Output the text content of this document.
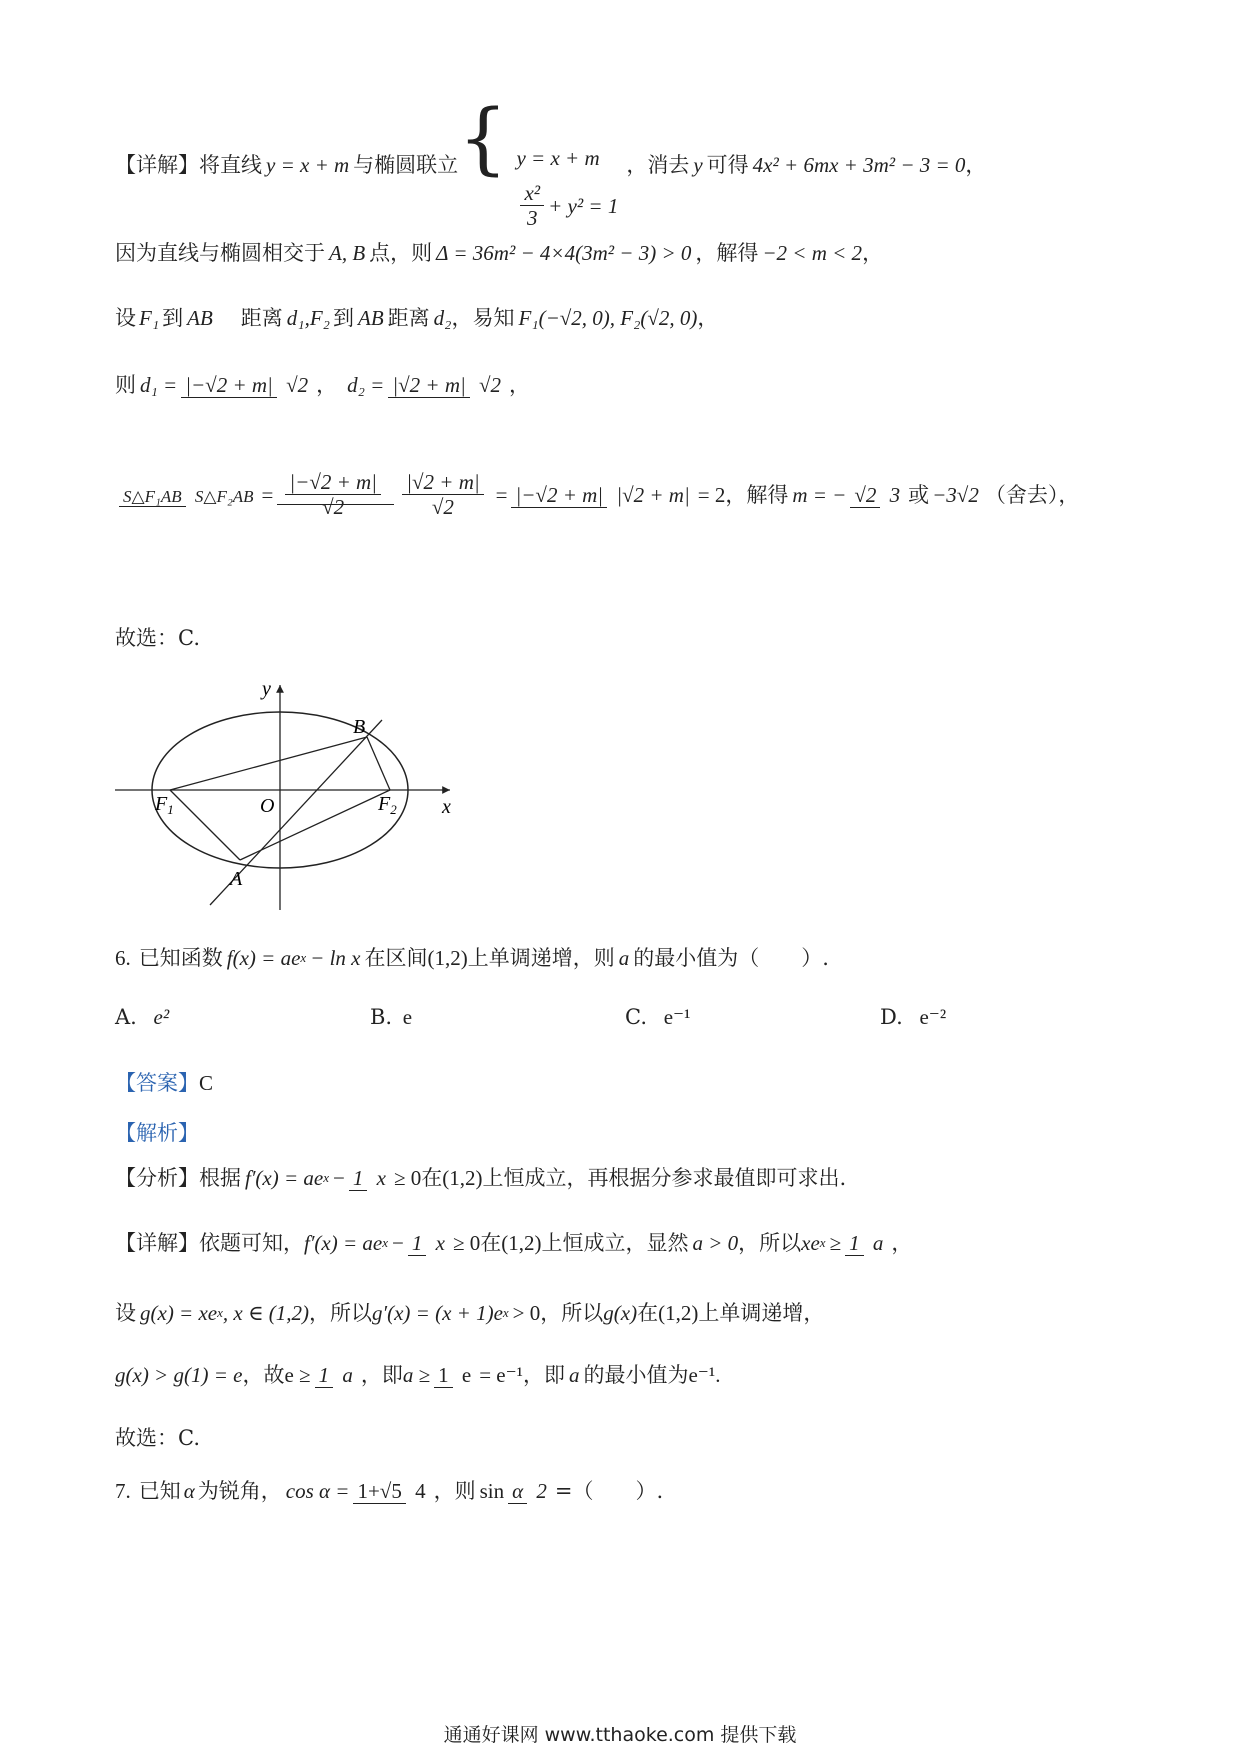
【详解】 将直线 y = x + m 与椭圆联立 { y = x + m
$\frac{\text{x²}}{3} + y^2 = 1$
，消去 y 可得 4x² + 6mx + 3m² − 3 = 0 ，
因为直线与椭圆相交于 A, B 点，则 Δ = 36m² − 4×4(3m² − 3) > 0 ，解得 −2 < m < 2 ，
设 F₁ 到 AB 距离 d₁ , F₂ 到 AB 距离 d₂ ，易知 F₁(−√2, 0), F₂(√2, 0) ，
则 d₁ = |−√2 + m| √2 ， d₂ = |√2 + m| √2 ，
S△F₁AB S△F₂AB = $\frac{|-√2 + m|}{√2}$
$\frac{|√2 + m|}{√2} = |-√2 + m|$ |√2 + m| = 2 ，解得 m = − √2 3 或 −3√2 （舍去），
故选：C.
y
x
O
B
A
$F_1$	$F_2$
6. 已知函数 f(x) = ae x − ln x 在区间 (1,2) 上单调递增，则 a 的最小值为（　　）.
A. e²	B. e	C. e⁻¹	D. e⁻²
【答案】 C
【解析】
【分析】 根据 f′(x) = ae x − 1 x ≥ 0 在 (1,2) 上恒成立，再根据分参求最值即可求出.
【详解】 依题可知， f′(x) = ae x − 1 x ≥ 0 在 (1,2) 上恒成立，显然 a > 0 ，所以 xe x ≥ 1 a ，
设 g(x) = xe x , x ∈ (1,2) ，所以 g′(x) = (x + 1)e x > 0 ，所以 g(x) 在 (1,2) 上单调递增，
g(x) > g(1) = e ，故 e ≥ 1 a ，即 a ≥ 1 e = e⁻¹ ，即 a 的最小值为 e⁻¹ .
故选：C.
7. 已知 α 为锐角， cos α = 1+√5 4 ，则 sin α 2 =（　　）.
通通好课网 www.tthaoke.com 提供下载
